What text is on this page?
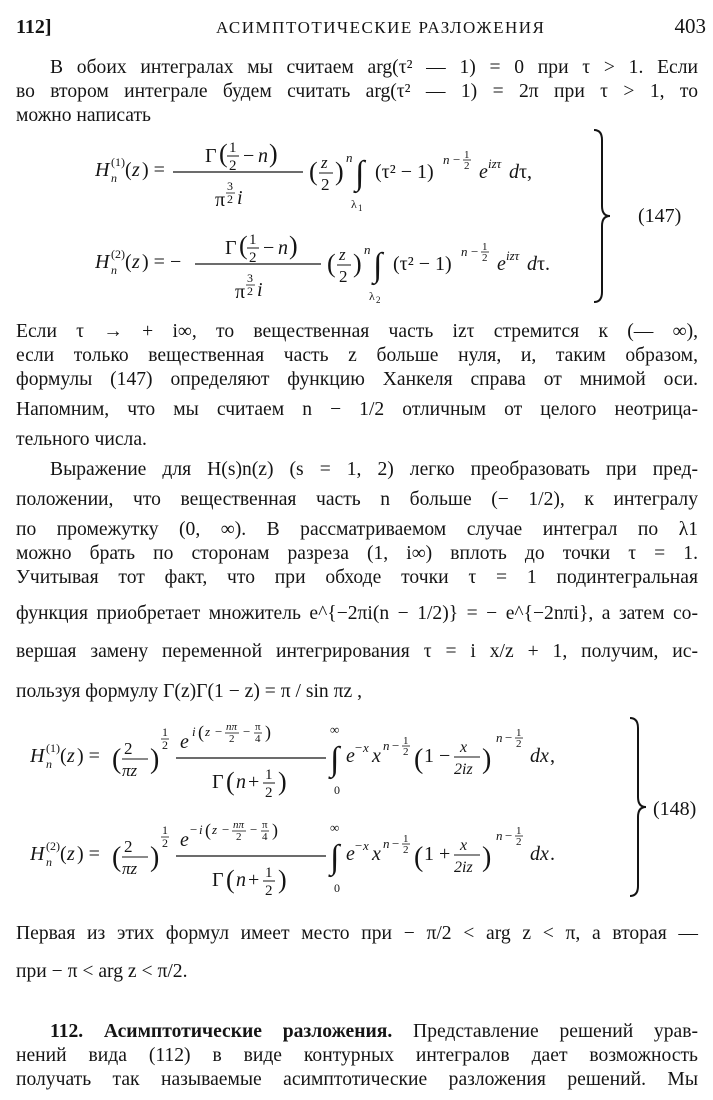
112]	АСИМПТОТИЧЕСКИЕ РАЗЛОЖЕНИЯ	403
В обоих интегралах мы считаем arg(τ² — 1) = 0 при τ > 1. Если
во втором интеграле будем считать arg(τ² — 1) = 2π при τ > 1, то
можно написать
H (1)
n ( z ) =
Γ ( 1
2 − n )
π
3
2 i
( z
2 ) n ∫
λ 1
(τ² − 1)
n − 1
2 e izτ d τ,
H (2)
n ( z ) = −
Γ ( 1
2 − n )
π
3
2 i
( z
2 ) n ∫
λ 2
(τ² − 1)
n − 1
2 e izτ d τ.
(147)
Если τ → + i∞, то вещественная часть izτ стремится к (— ∞),
если только вещественная часть z больше нуля, и, таким образом,
формулы (147) определяют функцию Ханкеля справа от мнимой оси.
Напомним, что мы считаем n − 1/2 отличным от целого неотрица-
тельного числа.
Выражение для H(s)n(z) (s = 1, 2) легко преобразовать при пред-
положении, что вещественная часть n больше (− 1/2), к интегралу
по промежутку (0, ∞). В рассматриваемом случае интеграл по λ1
можно брать по сторонам разреза (1, i∞) вплоть до точки τ = 1.
Учитывая тот факт, что при обходе точки τ = 1 подинтегральная
функция приобретает множитель e^{−2πi(n − 1/2)} = − e^{−2nπi}, а затем со-
вершая замену переменной интегрирования τ = i x/z + 1, получим, ис-
пользуя формулу Γ(z)Γ(1 − z) = π / sin πz ,
H (1)
n ( z ) = ( 2
πz )
1
2 e i ( z − nπ
2 − π
4 )
Γ ( n + 1
2 )
∞
∫
0
e − x x n − 1
2 ( 1 − x
2iz )
n − 1
2
dx ,
H (2)
n ( z ) = ( 2
πz )
1
2 e − i ( z − nπ
2 − π
4 )
Γ ( n + 1
2 )
∞
∫
0
e − x x n − 1
2 ( 1 + x
2iz )
n − 1
2
dx .
(148)
Первая из этих формул имеет место при − π/2 < arg z < π, а вторая —
при − π < arg z < π/2.
112. Асимптотические разложения. Представление решений урав-
нений вида (112) в виде контурных интегралов дает возможность
получать так называемые асимптотические разложения решений. Мы
